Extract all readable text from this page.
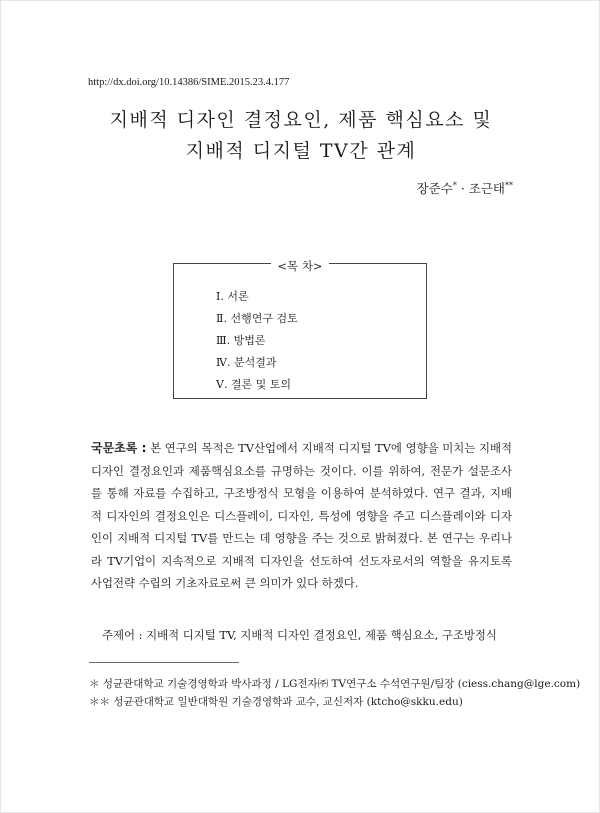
http://dx.doi.org/10.14386/SIME.2015.23.4.177
지배적 디자인 결정요인, 제품 핵심요소 및
지배적 디지털 TV간 관계
장준수* · 조근태**
<목 차>
Ⅰ. 서론
Ⅱ. 선행연구 검토
Ⅲ. 방법론
Ⅳ. 분석결과
Ⅴ. 결론 및 토의
국문초록 : 본 연구의 목적은 TV산업에서 지배적 디지털 TV에 영향을 미치는 지배적 디자인 결정요인과 제품핵심요소를 규명하는 것이다. 이를 위하여, 전문가 설문조사를 통해 자료를 수집하고, 구조방정식 모형을 이용하여 분석하였다. 연구 결과, 지배적 디자인의 결정요인은 디스플레이, 디자인, 특성에 영향을 주고 디스플레이와 디자인이 지배적 디지털 TV를 만드는 데 영향을 주는 것으로 밝혀졌다. 본 연구는 우리나라 TV기업이 지속적으로 지배적 디자인을 선도하여 선도자로서의 역할을 유지토록 사업전략 수립의 기초자료로써 큰 의미가 있다 하겠다.
주제어 : 지배적 디지털 TV, 지배적 디자인 결정요인, 제품 핵심요소, 구조방정식
＊ 성균관대학교 기술경영학과 박사과정 / LG전자㈜ TV연구소 수석연구원/팀장 (ciess.chang@lge.com)
＊＊ 성균관대학교 일반대학원 기술경영학과 교수, 교신저자 (ktcho@skku.edu)
